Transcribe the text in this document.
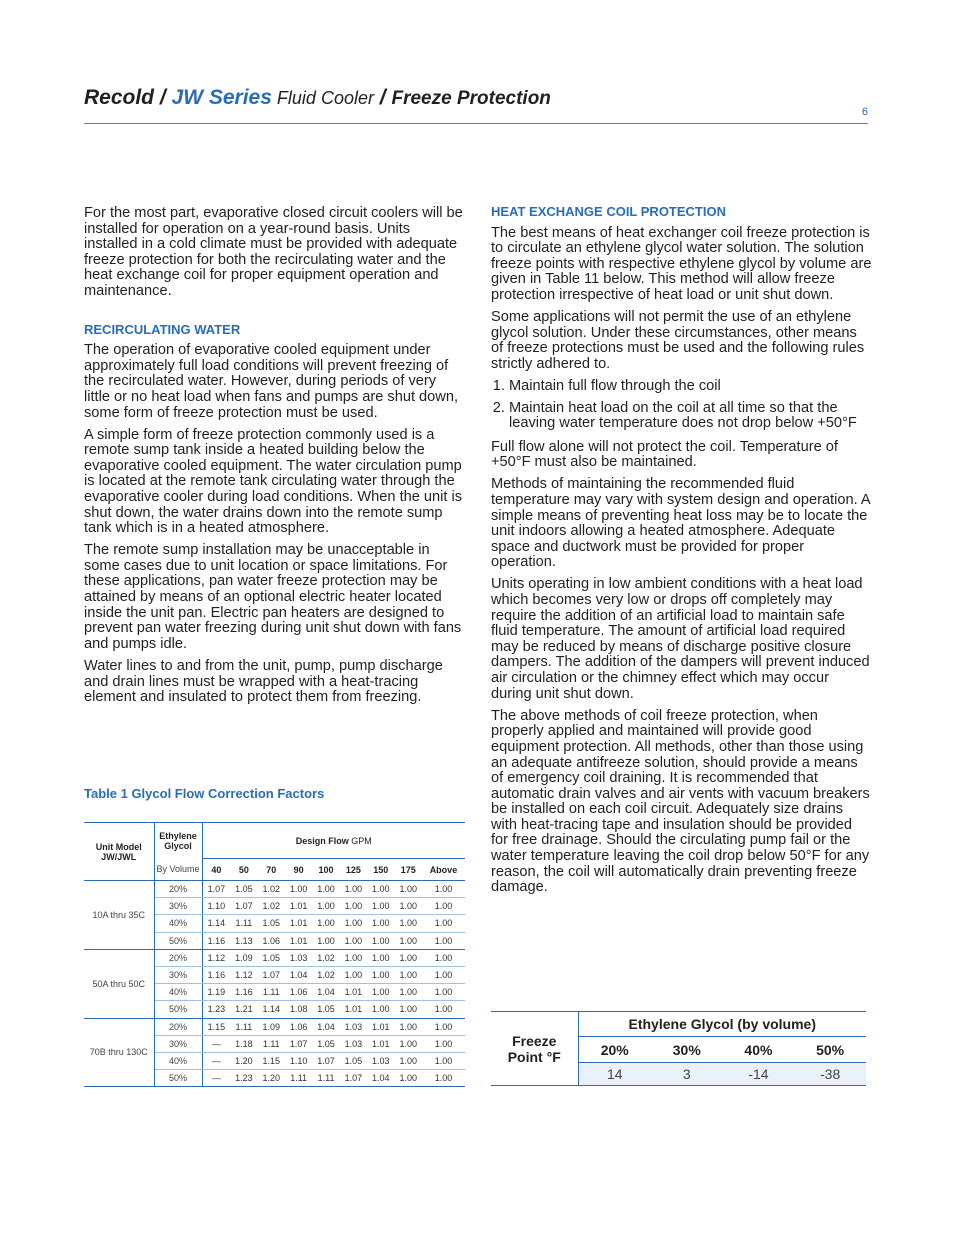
Recold / JW Series Fluid Cooler / Freeze Protection
6

For the most part, evaporative closed circuit coolers will be installed for operation on a year-round basis. Units installed in a cold climate must be provided with adequate freeze protection for both the recirculating water and the heat exchange coil for proper equipment operation and maintenance.

RECIRCULATING WATER

The operation of evaporative cooled equipment under approximately full load conditions will prevent freezing of the recirculated water. However, during periods of very little or no heat load when fans and pumps are shut down, some form of freeze protection must be used.

A simple form of freeze protection commonly used is a remote sump tank inside a heated building below the evaporative cooled equipment. The water circulation pump is located at the remote tank circulating water through the evaporative cooler during load conditions. When the unit is shut down, the water drains down into the remote sump tank which is in a heated atmosphere.

The remote sump installation may be unacceptable in some cases due to unit location or space limitations. For these applications, pan water freeze protection may be attained by means of an optional electric heater located inside the unit pan. Electric pan heaters are designed to prevent pan water freezing during unit shut down with fans and pumps idle.

Water lines to and from the unit, pump, pump discharge and drain lines must be wrapped with a heat-tracing element and insulated to protect them from freezing.

Table 1 Glycol Flow Correction Factors
Unit Model JW/JWL	Ethylene Glycol	Design Flow GPM								
	By Volume	40	50	70	90	100	125	150	175	Above
10A thru 35C	20%	1.07	1.05	1.02	1.00	1.00	1.00	1.00	1.00	1.00
	30%	1.10	1.07	1.02	1.01	1.00	1.00	1.00	1.00	1.00
	40%	1.14	1.11	1.05	1.01	1.00	1.00	1.00	1.00	1.00
	50%	1.16	1.13	1.06	1.01	1.00	1.00	1.00	1.00	1.00
50A thru 50C	20%	1.12	1.09	1.05	1.03	1.02	1.00	1.00	1.00	1.00
	30%	1.16	1.12	1.07	1.04	1.02	1.00	1.00	1.00	1.00
	40%	1.19	1.16	1.11	1.06	1.04	1.01	1.00	1.00	1.00
	50%	1.23	1.21	1.14	1.08	1.05	1.01	1.00	1.00	1.00
70B thru 130C	20%	1.15	1.11	1.09	1.06	1.04	1.03	1.01	1.00	1.00
	30%	—	1.18	1.11	1.07	1.05	1.03	1.01	1.00	1.00
	40%	—	1.20	1.15	1.10	1.07	1.05	1.03	1.00	1.00
	50%	—	1.23	1.20	1.11	1.11	1.07	1.04	1.00	1.00
HEAT EXCHANGE COIL PROTECTION

The best means of heat exchanger coil freeze protection is to circulate an ethylene glycol water solution. The solution freeze points with respective ethylene glycol by volume are given in Table 11 below. This method will allow freeze protection irrespective of heat load or unit shut down.

Some applications will not permit the use of an ethylene glycol solution. Under these circumstances, other means of freeze protections must be used and the following rules strictly adhered to.

1. Maintain full flow through the coil
2. Maintain heat load on the coil at all time so that the leaving water temperature does not drop below +50°F

Full flow alone will not protect the coil. Temperature of +50°F must also be maintained.

Methods of maintaining the recommended fluid temperature may vary with system design and operation. A simple means of preventing heat loss may be to locate the unit indoors allowing a heated atmosphere. Adequate space and ductwork must be provided for proper operation.

Units operating in low ambient conditions with a heat load which becomes very low or drops off completely may require the addition of an artificial load to maintain safe fluid temperature. The amount of artificial load required may be reduced by means of discharge positive closure dampers. The addition of the dampers will prevent induced air circulation or the chimney effect which may occur during unit shut down.

The above methods of coil freeze protection, when properly applied and maintained will provide good equipment protection. All methods, other than those using an adequate antifreeze solution, should provide a means of emergency coil draining. It is recommended that automatic drain valves and air vents with vacuum breakers be installed on each coil circuit. Adequately size drains with heat-tracing tape and insulation should be provided for free drainage. Should the circulating pump fail or the water temperature leaving the coil drop below 50°F for any reason, the coil will automatically drain preventing freeze damage.

Freeze
Point °F	Ethylene Glycol (by volume)			
	20%	30%	40%	50%
	14	3	-14	-38
